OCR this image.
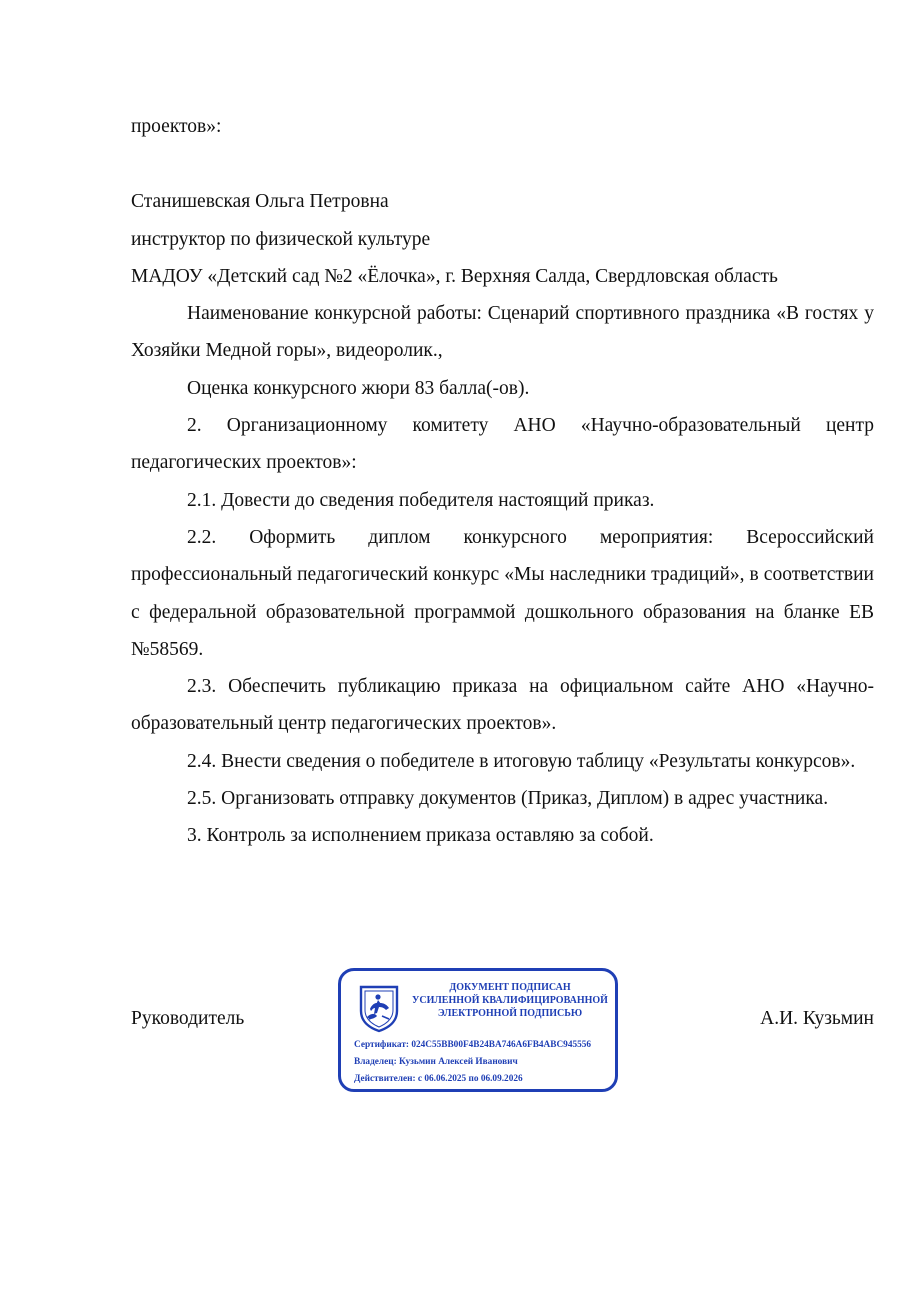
проектов»:
Станишевская Ольга Петровна
инструктор по физической культуре
МАДОУ «Детский сад №2 «Ёлочка», г. Верхняя Салда, Свердловская область
Наименование конкурсной работы: Сценарий спортивного праздника «В гостях у Хозяйки Медной горы», видеоролик.,
Оценка конкурсного жюри 83 балла(-ов).
2. Организационному комитету АНО «Научно-образовательный центр педагогических проектов»:
2.1. Довести до сведения победителя настоящий приказ.
2.2. Оформить диплом конкурсного мероприятия: Всероссийский профессиональный педагогический конкурс «Мы наследники традиций», в соответствии с федеральной образовательной программой дошкольного образования на бланке ЕВ №58569.
2.3. Обеспечить публикацию приказа на официальном сайте АНО «Научно-образовательный центр педагогических проектов».
2.4. Внести сведения о победителе в итоговую таблицу «Результаты конкурсов».
2.5. Организовать отправку документов (Приказ, Диплом) в адрес участника.
3. Контроль за исполнением приказа оставляю за собой.
Руководитель	А.И. Кузьмин
ДОКУМЕНТ ПОДПИСАН
УСИЛЕННОЙ КВАЛИФИЦИРОВАННОЙ
ЭЛЕКТРОННОЙ ПОДПИСЬЮ
Сертификат: 024C55BB00F4B24BA746A6FB4ABC945556
Владелец: Кузьмин Алексей Иванович
Действителен: с 06.06.2025 по 06.09.2026
